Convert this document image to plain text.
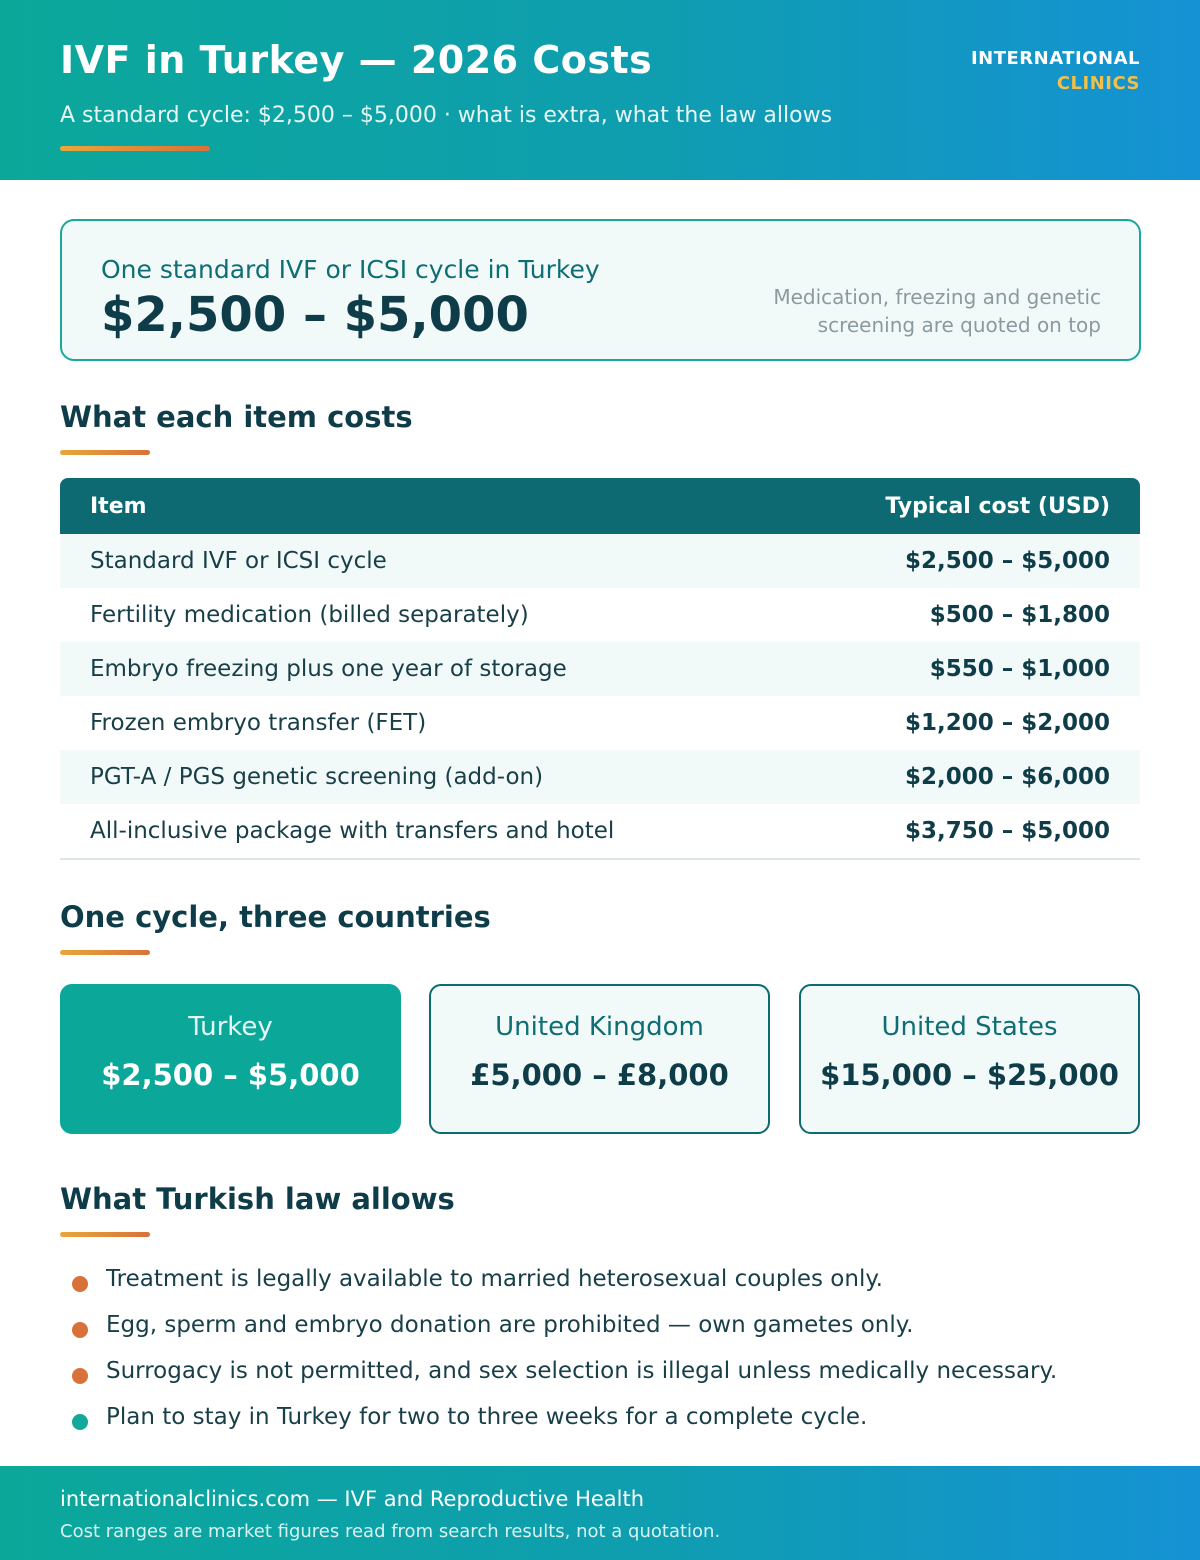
IVF in Turkey — 2026 Costs
A standard cycle: $2,500 – $5,000 · what is extra, what the law allows
INTERNATIONAL
CLINICS
One standard IVF or ICSI cycle in Turkey
$2,500 – $5,000	Medication, freezing and genetic screening are quoted on top
What each item costs
Item	Typical cost (USD)
Standard IVF or ICSI cycle	$2,500 – $5,000
Fertility medication (billed separately)	$500 – $1,800
Embryo freezing plus one year of storage	$550 – $1,000
Frozen embryo transfer (FET)	$1,200 – $2,000
PGT-A / PGS genetic screening (add-on)	$2,000 – $6,000
All-inclusive package with transfers and hotel	$3,750 – $5,000
One cycle, three countries
Turkey
$2,500 – $5,000
United Kingdom
£5,000 – £8,000
United States
$15,000 – $25,000
What Turkish law allows
Treatment is legally available to married heterosexual couples only.
Egg, sperm and embryo donation are prohibited — own gametes only.
Surrogacy is not permitted, and sex selection is illegal unless medically necessary.
Plan to stay in Turkey for two to three weeks for a complete cycle.
internationalclinics.com — IVF and Reproductive Health
Cost ranges are market figures read from search results, not a quotation.
